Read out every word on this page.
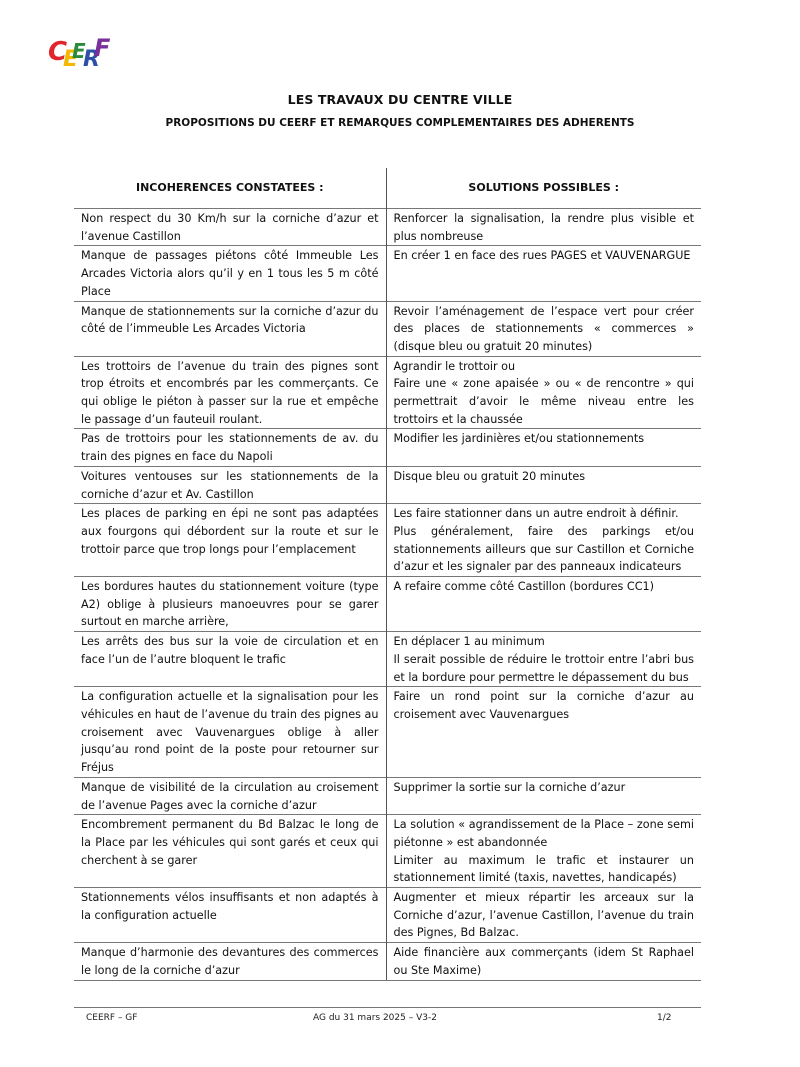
C
E
E
R
F
LES TRAVAUX DU CENTRE VILLE
PROPOSITIONS DU CEERF ET REMARQUES COMPLEMENTAIRES DES ADHERENTS
INCOHERENCES CONSTATEES :	SOLUTIONS POSSIBLES :

Non respect du 30 Km/h sur la corniche d’azur et l’avenue Castillon	Renforcer la signalisation, la rendre plus visible et plus nombreuse

Manque de passages piétons côté Immeuble Les Arcades Victoria alors qu’il y en 1 tous les 5 m côté Place	En créer 1 en face des rues PAGES et VAUVENARGUE

Manque de stationnements sur la corniche d’azur du côté de l’immeuble Les Arcades Victoria	Revoir l’aménagement de l’espace vert pour créer des places de stationnements « commerces » (disque bleu ou gratuit 20 minutes)

Les trottoirs de l’avenue du train des pignes sont trop étroits et encombrés par les commerçants. Ce qui oblige le piéton à passer sur la rue et empêche le passage d’un fauteuil roulant.	Agrandir le trottoir ou
Faire une « zone apaisée » ou « de rencontre » qui permettrait d’avoir le même niveau entre les trottoirs et la chaussée

Pas de trottoirs pour les stationnements de av. du train des pignes en face du Napoli	Modifier les jardinières et/ou stationnements

Voitures ventouses sur les stationnements de la corniche d’azur et Av. Castillon	Disque bleu ou gratuit 20 minutes

Les places de parking en épi ne sont pas adaptées aux fourgons qui débordent sur la route et sur le trottoir parce que trop longs pour l’emplacement	Les faire stationner dans un autre endroit à définir.
Plus généralement, faire des parkings et/ou stationnements ailleurs que sur Castillon et Corniche d’azur et les signaler par des panneaux indicateurs

Les bordures hautes du stationnement voiture (type A2) oblige à plusieurs manoeuvres pour se garer surtout en marche arrière,	A refaire comme côté Castillon (bordures CC1)

Les arrêts des bus sur la voie de circulation et en face l’un de l’autre bloquent le trafic	En déplacer 1 au minimum
Il serait possible de réduire le trottoir entre l’abri bus et la bordure pour permettre le dépassement du bus

La configuration actuelle et la signalisation pour les véhicules en haut de l’avenue du train des pignes au croisement avec Vauvenargues oblige à aller jusqu’au rond point de la poste pour retourner sur Fréjus	Faire un rond point sur la corniche d’azur au croisement avec Vauvenargues

Manque de visibilité de la circulation au croisement de l’avenue Pages avec la corniche d’azur	Supprimer la sortie sur la corniche d’azur

Encombrement permanent du Bd Balzac le long de la Place par les véhicules qui sont garés et ceux qui cherchent à se garer	La solution « agrandissement de la Place – zone semi piétonne » est abandonnée
Limiter au maximum le trafic et instaurer un stationnement limité (taxis, navettes, handicapés)

Stationnements vélos insuffisants et non adaptés à la configuration actuelle	Augmenter et mieux répartir les arceaux sur la Corniche d’azur, l’avenue Castillon, l’avenue du train des Pignes, Bd Balzac.

Manque d’harmonie des devantures des commerces le long de la corniche d’azur	Aide financière aux commerçants (idem St Raphael ou Ste Maxime)
CEERF – GF	AG du 31 mars 2025 – V3-2	1/2
